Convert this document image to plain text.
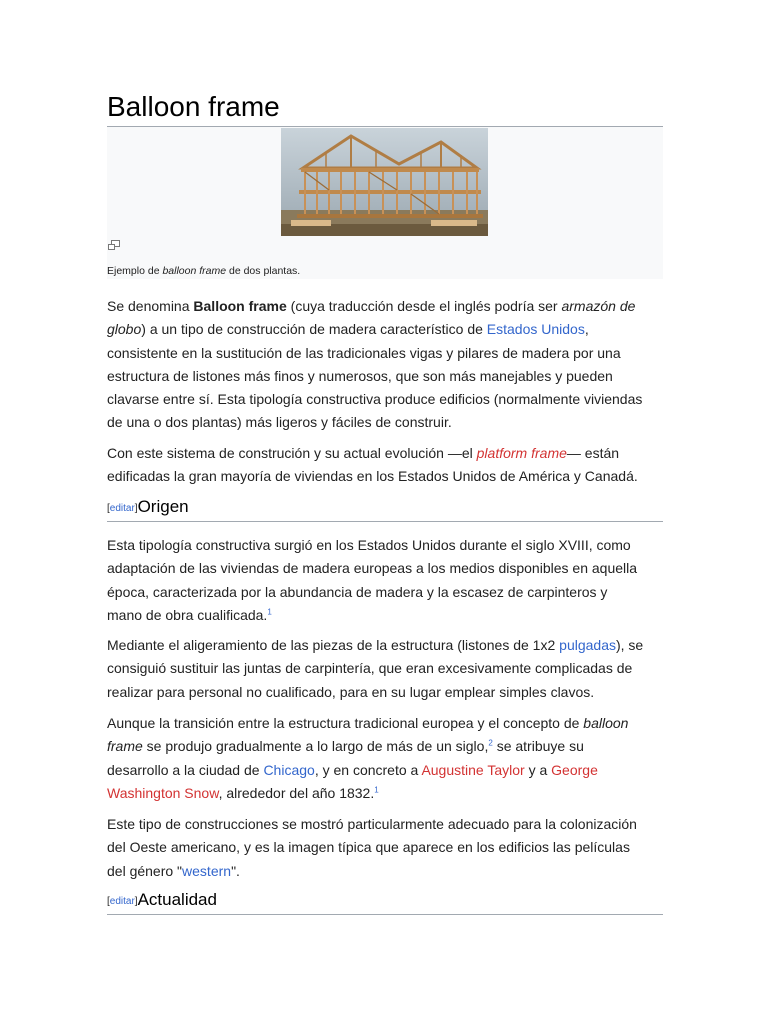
Balloon frame
Ejemplo de balloon frame de dos plantas.

Se denomina Balloon frame (cuya traducción desde el inglés podría ser armazón de
globo) a un tipo de construcción de madera característico de Estados Unidos,
consistente en la sustitución de las tradicionales vigas y pilares de madera por una
estructura de listones más finos y numerosos, que son más manejables y pueden
clavarse entre sí. Esta tipología constructiva produce edificios (normalmente viviendas
de una o dos plantas) más ligeros y fáciles de construir.

Con este sistema de construción y su actual evolución —el platform frame— están
edificadas la gran mayoría de viviendas en los Estados Unidos de América y Canadá.

[editar]Origen

Esta tipología constructiva surgió en los Estados Unidos durante el siglo XVIII, como
adaptación de las viviendas de madera europeas a los medios disponibles en aquella
época, caracterizada por la abundancia de madera y la escasez de carpinteros y
mano de obra cualificada.$^1$

Mediante el aligeramiento de las piezas de la estructura (listones de 1x2 pulgadas), se
consiguió sustituir las juntas de carpintería, que eran excesivamente complicadas de
realizar para personal no cualificado, para en su lugar emplear simples clavos.

Aunque la transición entre la estructura tradicional europea y el concepto de balloon
frame se produjo gradualmente a lo largo de más de un siglo,$^2$ se atribuye su
desarrollo a la ciudad de Chicago, y en concreto a Augustine Taylor y a George
Washington Snow, alrededor del año 1832.$^1$

Este tipo de construcciones se mostró particularmente adecuado para la colonización
del Oeste americano, y es la imagen típica que aparece en los edificios las películas
del género "western".

[editar]Actualidad
